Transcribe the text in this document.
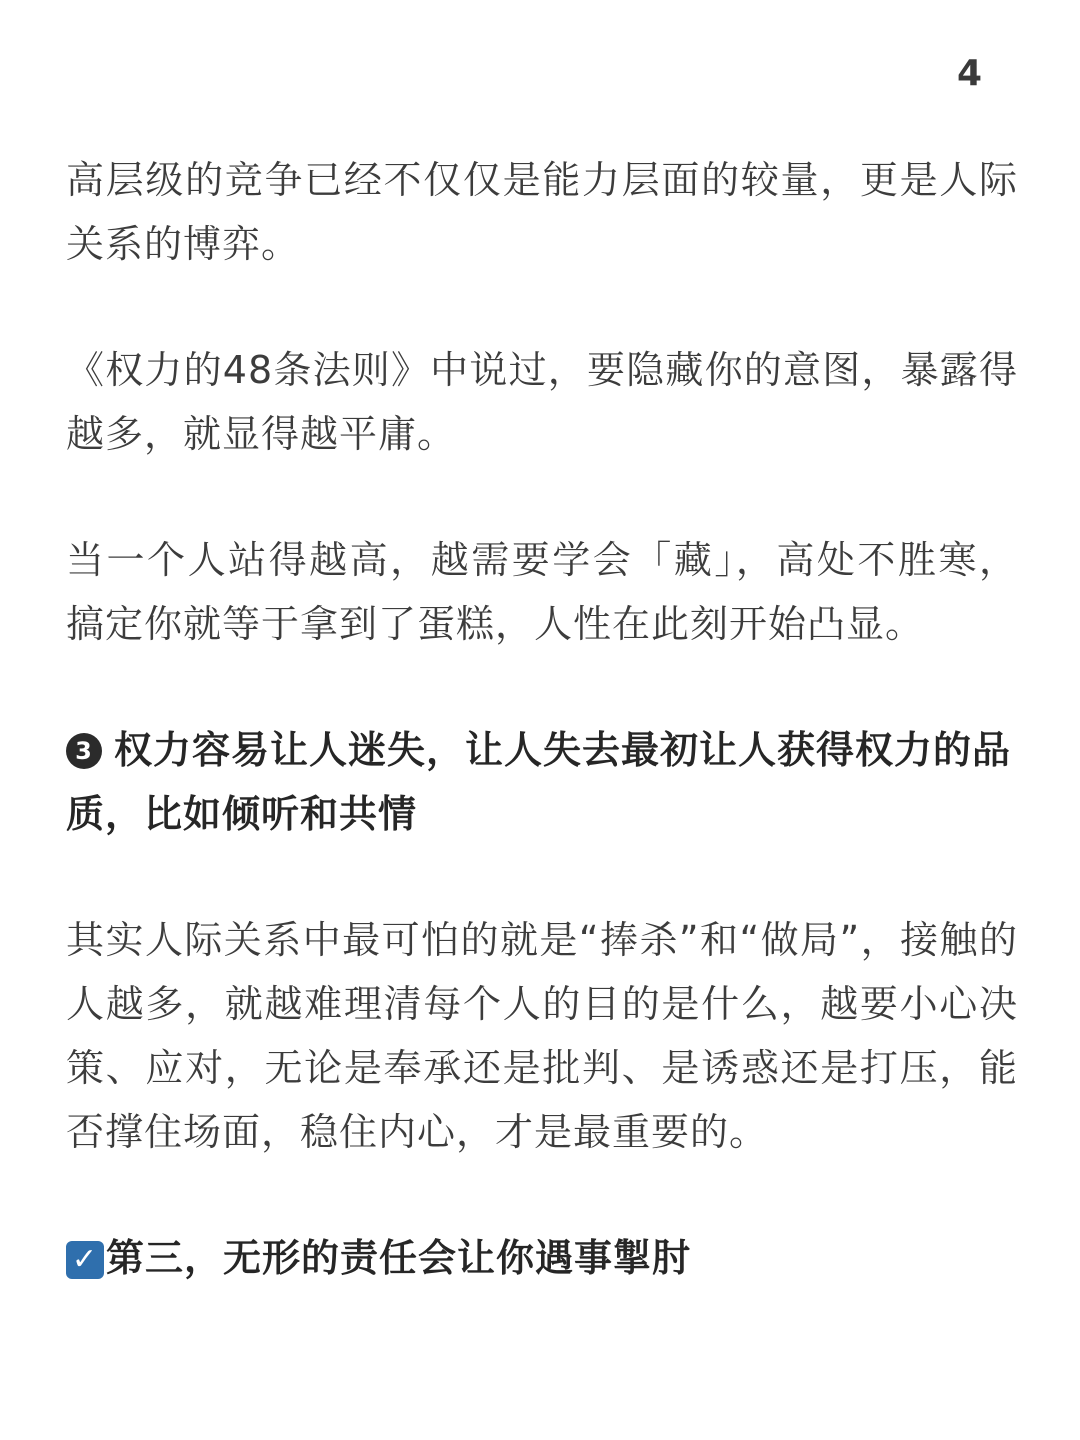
4

高层级的竞争已经不仅仅是能力层面的较量，更是人际关系的博弈。

《权力的48条法则》中说过，要隐藏你的意图，暴露得越多，就显得越平庸。

当一个人站得越高，越需要学会「藏」，高处不胜寒，搞定你就等于拿到了蛋糕，人性在此刻开始凸显。

3 权力容易让人迷失，让人失去最初让人获得权力的品质，比如倾听和共情

其实人际关系中最可怕的就是“捧杀”和“做局”，接触的人越多，就越难理清每个人的目的是什么，越要小心决策、应对，无论是奉承还是批判、是诱惑还是打压，能否撑住场面，稳住内心，才是最重要的。

✓ 第三，无形的责任会让你遇事掣肘
